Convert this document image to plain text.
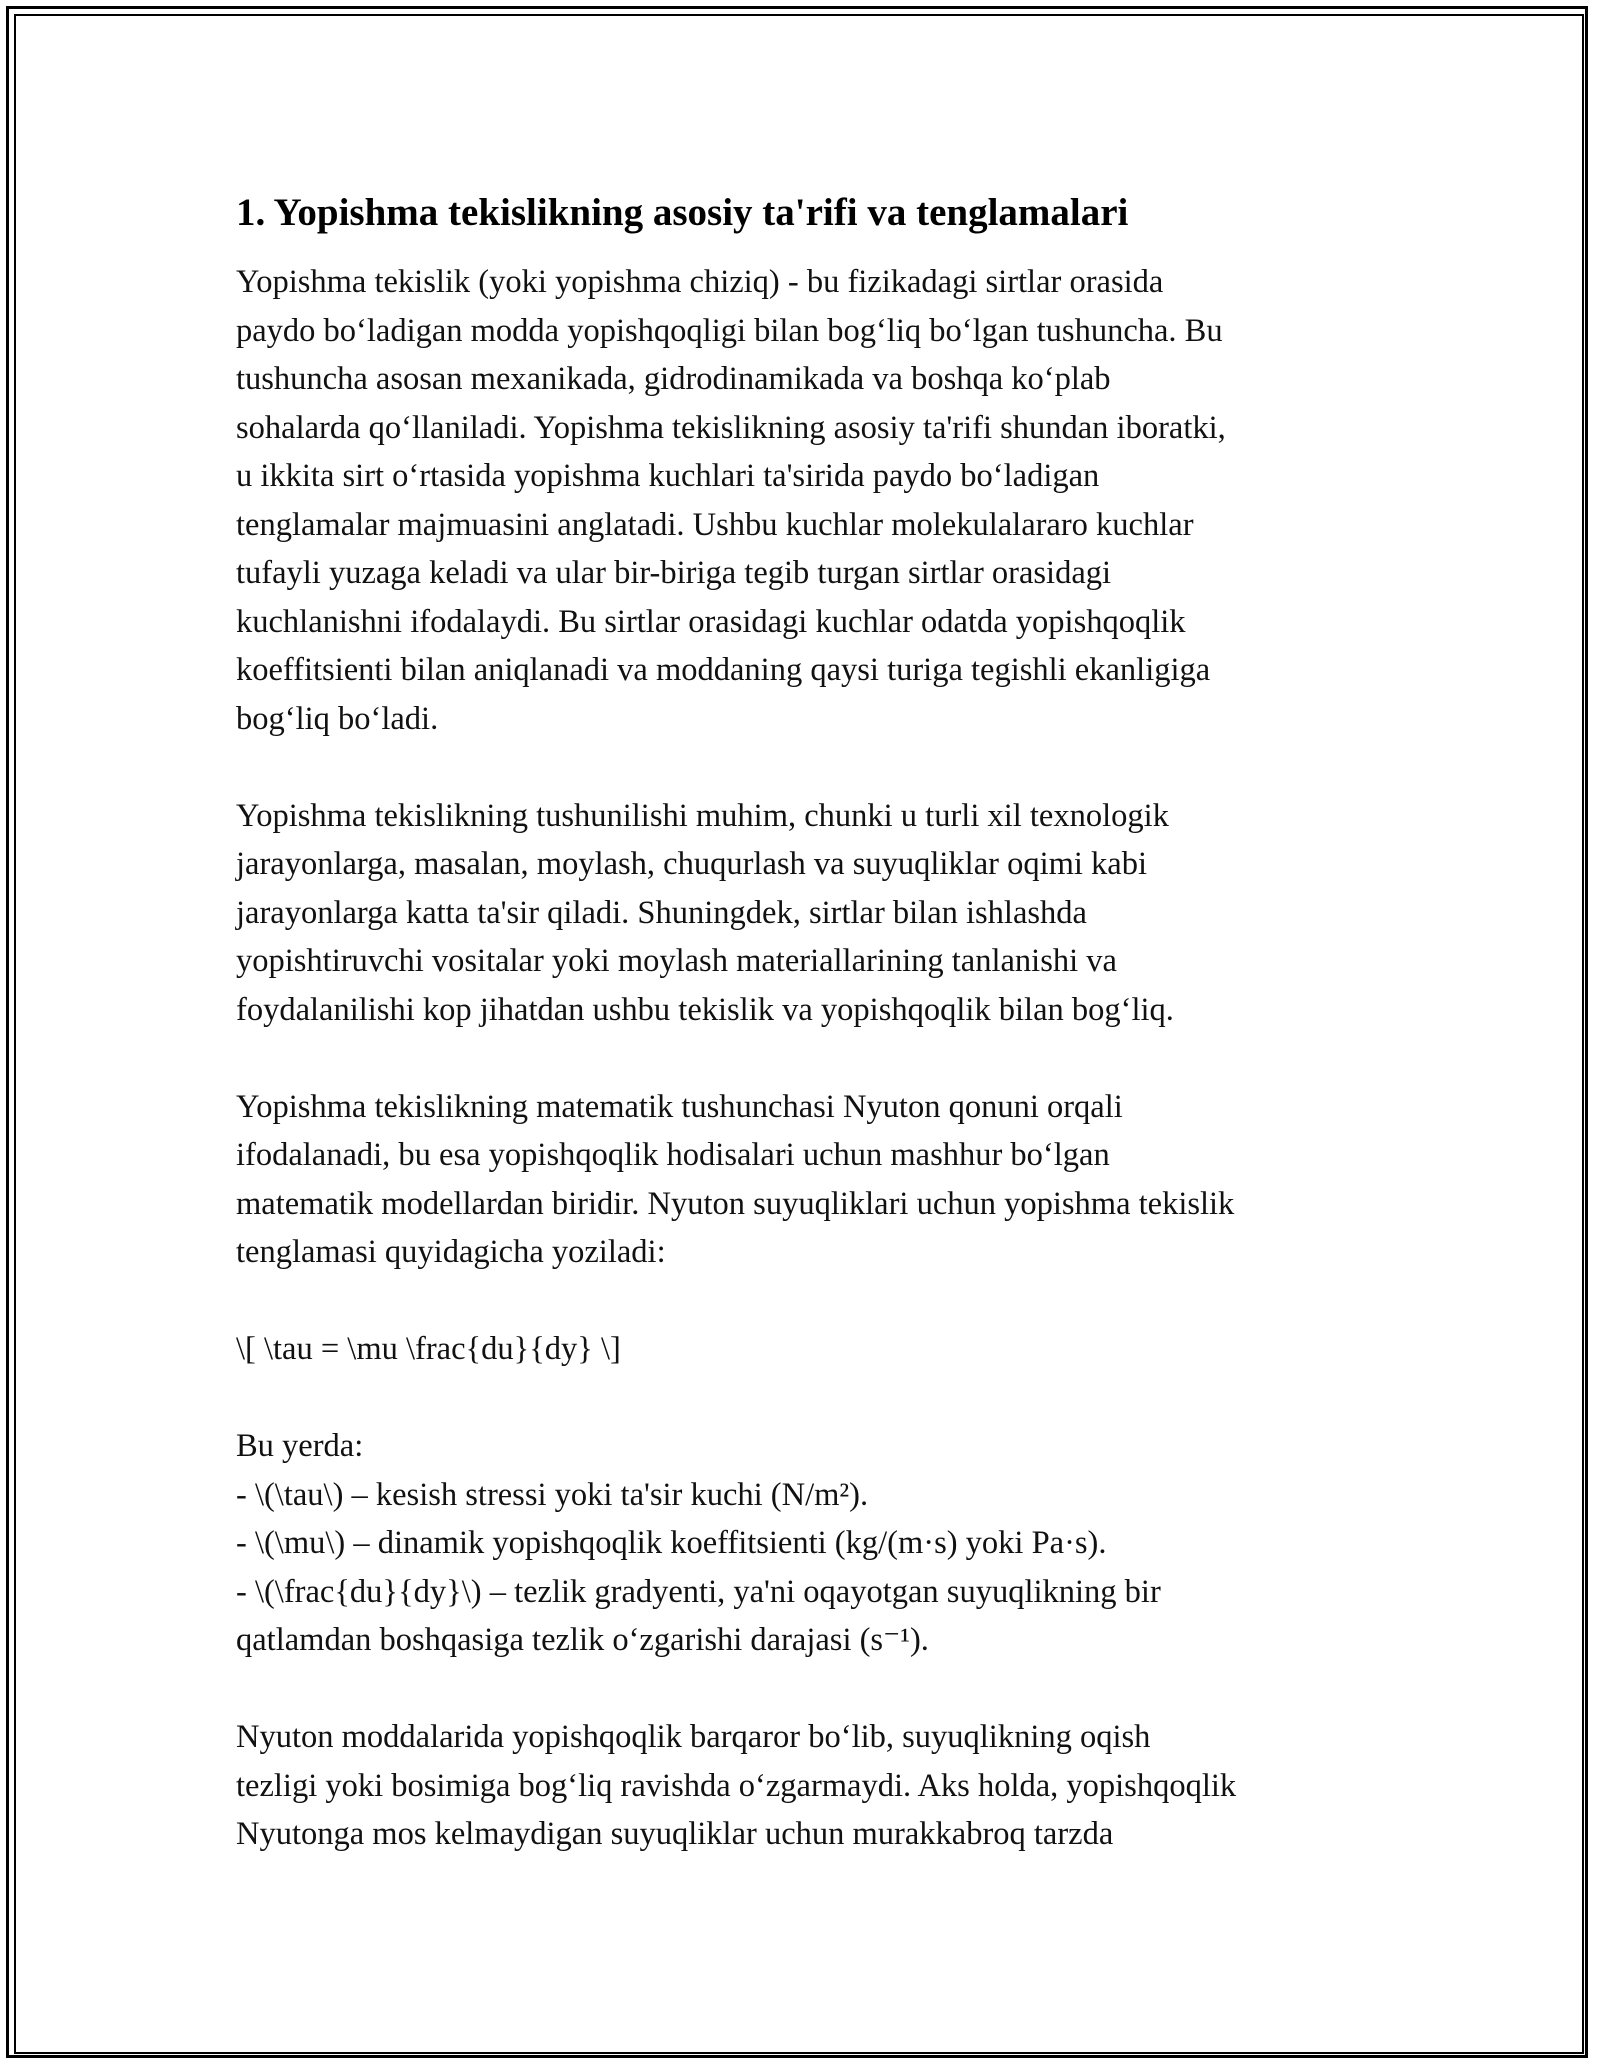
1. Yopishma tekislikning asosiy ta'rifi va tenglamalari
Yopishma tekislik (yoki yopishma chiziq) - bu fizikadagi sirtlar orasida
paydo bo‘ladigan modda yopishqoqligi bilan bog‘liq bo‘lgan tushuncha. Bu
tushuncha asosan mexanikada, gidrodinamikada va boshqa ko‘plab
sohalarda qo‘llaniladi. Yopishma tekislikning asosiy ta'rifi shundan iboratki,
u ikkita sirt o‘rtasida yopishma kuchlari ta'sirida paydo bo‘ladigan
tenglamalar majmuasini anglatadi. Ushbu kuchlar molekulalararo kuchlar
tufayli yuzaga keladi va ular bir-biriga tegib turgan sirtlar orasidagi
kuchlanishni ifodalaydi. Bu sirtlar orasidagi kuchlar odatda yopishqoqlik
koeffitsienti bilan aniqlanadi va moddaning qaysi turiga tegishli ekanligiga
bog‘liq bo‘ladi.
Yopishma tekislikning tushunilishi muhim, chunki u turli xil texnologik
jarayonlarga, masalan, moylash, chuqurlash va suyuqliklar oqimi kabi
jarayonlarga katta ta'sir qiladi. Shuningdek, sirtlar bilan ishlashda
yopishtiruvchi vositalar yoki moylash materiallarining tanlanishi va
foydalanilishi kop jihatdan ushbu tekislik va yopishqoqlik bilan bog‘liq.
Yopishma tekislikning matematik tushunchasi Nyuton qonuni orqali
ifodalanadi, bu esa yopishqoqlik hodisalari uchun mashhur bo‘lgan
matematik modellardan biridir. Nyuton suyuqliklari uchun yopishma tekislik
tenglamasi quyidagicha yoziladi:
\[ \tau = \mu \frac{du}{dy} \]
Bu yerda:
- \(\tau\) – kesish stressi yoki ta'sir kuchi (N/m²).
- \(\mu\) – dinamik yopishqoqlik koeffitsienti (kg/(m·s) yoki Pa·s).
- \(\frac{du}{dy}\) – tezlik gradyenti, ya'ni oqayotgan suyuqlikning bir
qatlamdan boshqasiga tezlik o‘zgarishi darajasi (s⁻¹).
Nyuton moddalarida yopishqoqlik barqaror bo‘lib, suyuqlikning oqish
tezligi yoki bosimiga bog‘liq ravishda o‘zgarmaydi. Aks holda, yopishqoqlik
Nyutonga mos kelmaydigan suyuqliklar uchun murakkabroq tarzda
